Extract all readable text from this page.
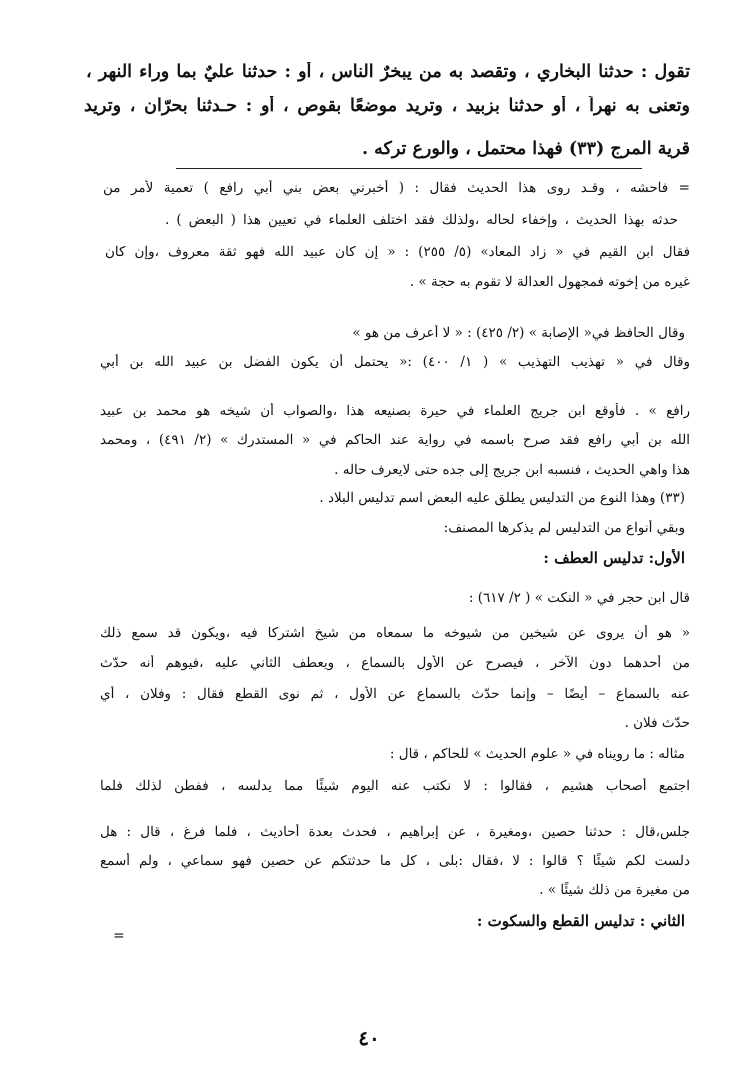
تقول : حدثنا البخاري ، وتقصد به من يبخرٌ الناس ، أو : حدثنا عليٌ بما وراء النهر ،
وتعنى به نهراً ، أو حدثنا بزبيد ، وتريد موضعًا بقوص ، أو : حـدثنا بحرّان ، وتريد
قرية المرج (٣٣) فهذا محتمل ، والورع تركه .
= فاحشه ، وقـد روى هذا الحديث فقال : ( أخبرني بعض بني أبي رافع ) تعمية لأمر من
حدثه بهذا الحديث ، وإخفاء لحاله ،ولذلك فقد اختلف العلماء في تعيين هذا ( البعض ) .
فقال ابن القيم في « زاد المعاد» (٥/ ٢٥٥) : « إن كان عبيد الله فهو ثقة معروف ،وإن كان
غيره من إخوته فمجهول العدالة لا تقوم به حجة » .
وقال الحافظ في« الإصابة » (٢/ ٤٢٥) : « لا أعرف من هو »
وقال في « تهذيب التهذيب » ( ١/ ٤٠٠) :« يحتمل أن يكون الفضل بن عبيد الله بن أبي
رافع » . فأوقع ابن جريج العلماء في حيرة بصنيعه هذا ،والصواب أن شيخه هو محمد بن عبيد
الله بن أبي رافع فقد صرح باسمه في رواية عند الحاكم في « المستدرك » (٢/ ٤٩١) ، ومحمد
هذا واهي الحديث ، فنسبه ابن جريج إلى جده حتى لايعرف حاله .
(٣٣) وهذا النوع من التدليس يطلق عليه البعض اسم تدليس البلاد .
وبقي أنواع من التدليس لم يذكرها المصنف:
الأول: تدليس العطف :
قال ابن حجر في « النكت » ( ٢/ ٦١٧) :
« هو أن يروى عن شيخين من شيوخه ما سمعاه من شيخ اشتركا فيه ،ويكون قد سمع ذلك
من أحدهما دون الآخر ، فيصرح عن الأول بالسماع ، ويعطف الثاني عليه ،فيوهم أنه حدّث
عنه بالسماع – أيضًا – وإنما حدّث بالسماع عن الأول ، ثم نوى القطع فقال : وفلان ، أي
حدّث فلان .
مثاله : ما رويناه في « علوم الحديث » للحاكم ، قال :
اجتمع أصحاب هشيم ، فقالوا : لا نكتب عنه اليوم شيئًا مما يدلسه ، ففطن لذلك فلما
جلس،قال : حدثنا حصين ،ومغيرة ، عن إبراهيم ، فحدث بعدة أحاديث ، فلما فرغ ، قال : هل
دلست لكم شيئًا ؟ قالوا : لا ،فقال :بلى ، كل ما حدثتكم عن حصين فهو سماعي ، ولم أسمع
من مغيرة من ذلك شيئًا » .
الثاني : تدليس القطع والسكوت :
=
٤٠
